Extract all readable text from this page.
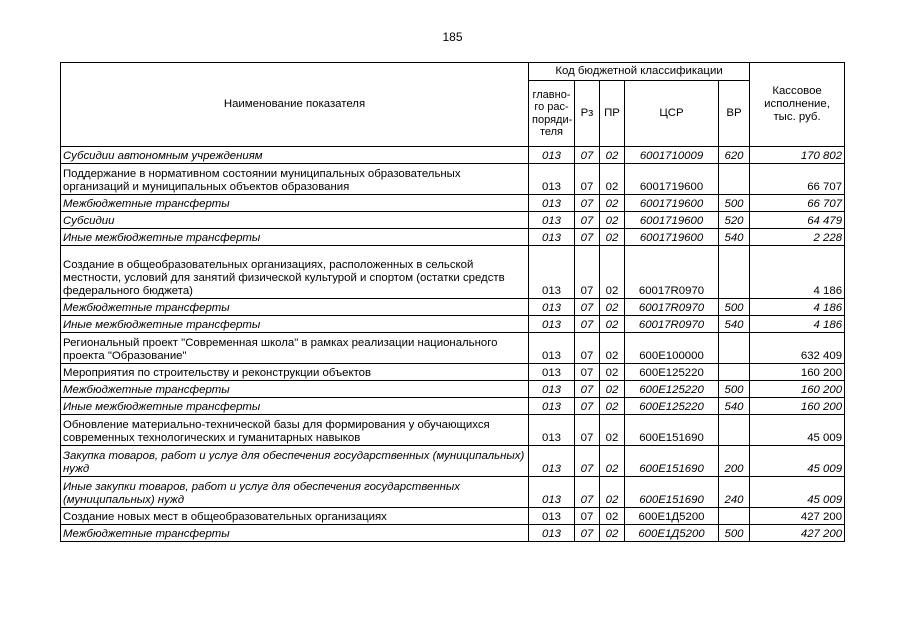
185
Наименование показателя	Код бюджетной классификации					Кассовое исполнение, тыс. руб.
	главно-го рас-поряди-теля	Рз	ПР	ЦСР	ВР	
Субсидии автономным учреждениям	013	07	02	6001710009	620	170 802
Поддержание в нормативном состоянии муниципальных образовательных организаций и муниципальных объектов образования	013	07	02	6001719600		66 707
Межбюджетные трансферты	013	07	02	6001719600	500	66 707
Субсидии	013	07	02	6001719600	520	64 479
Иные межбюджетные трансферты	013	07	02	6001719600	540	2 228
Создание в общеобразовательных организациях, расположенных в сельской местности, условий для занятий физической культурой и спортом (остатки средств федерального бюджета)	013	07	02	60017R0970		4 186
Межбюджетные трансферты	013	07	02	60017R0970	500	4 186
Иные межбюджетные трансферты	013	07	02	60017R0970	540	4 186
Региональный проект "Современная школа" в рамках реализации национального проекта "Образование"	013	07	02	600Е100000		632 409
Мероприятия по строительству и реконструкции объектов	013	07	02	600Е125220		160 200
Межбюджетные трансферты	013	07	02	600Е125220	500	160 200
Иные межбюджетные трансферты	013	07	02	600Е125220	540	160 200
Обновление материально-технической базы для формирования у обучающихся современных технологических и гуманитарных навыков	013	07	02	600Е151690		45 009
Закупка товаров, работ и услуг для обеспечения государственных (муниципальных) нужд	013	07	02	600Е151690	200	45 009
Иные закупки товаров, работ и услуг для обеспечения государственных (муниципальных) нужд	013	07	02	600Е151690	240	45 009
Создание новых мест в общеобразовательных организациях	013	07	02	600Е1Д5200		427 200
Межбюджетные трансферты	013	07	02	600Е1Д5200	500	427 200
